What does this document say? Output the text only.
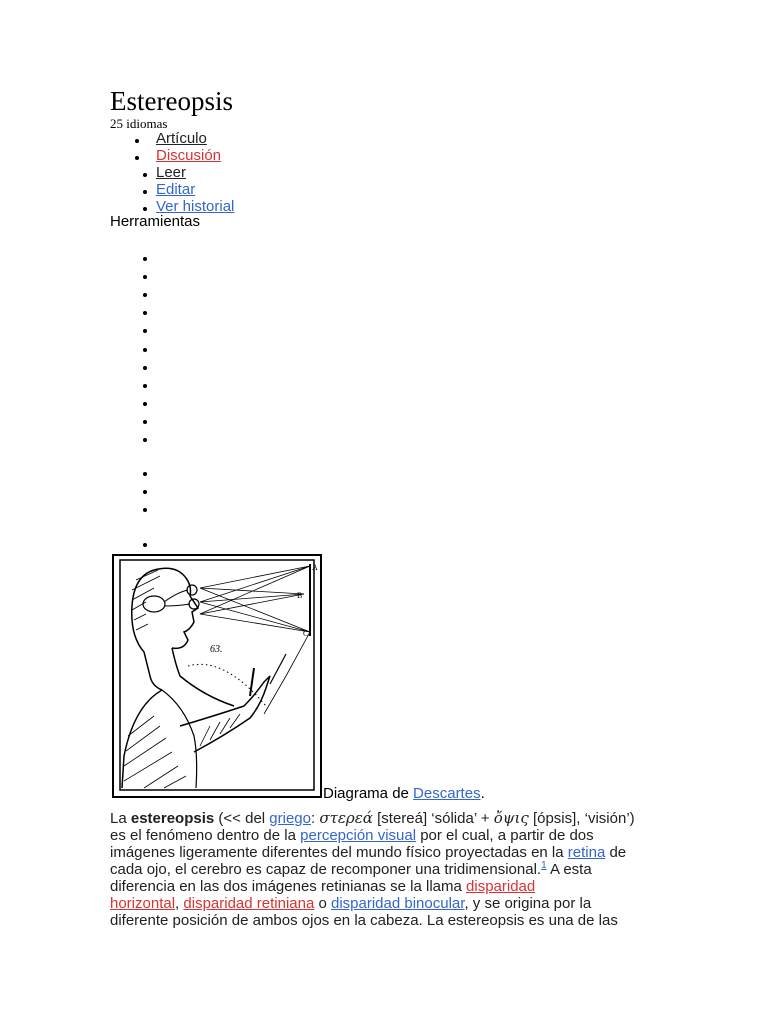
Estereopsis
25 idiomas
Artículo
Discusión
Leer
Editar
Ver historial
Herramientas
A
B
C
63.
Diagrama de Descartes.
La estereopsis (<< del griego: στερεά [stereá] ‘sólida’ + ὄψις [ópsis], ‘visión’)
es el fenómeno dentro de la percepción visual por el cual, a partir de dos
imágenes ligeramente diferentes del mundo físico proyectadas en la retina de
cada ojo, el cerebro es capaz de recomponer una tridimensional.$^1$ A esta
diferencia en las dos imágenes retinianas se la llama disparidad
horizontal, disparidad retiniana o disparidad binocular, y se origina por la
diferente posición de ambos ojos en la cabeza. La estereopsis es una de las
